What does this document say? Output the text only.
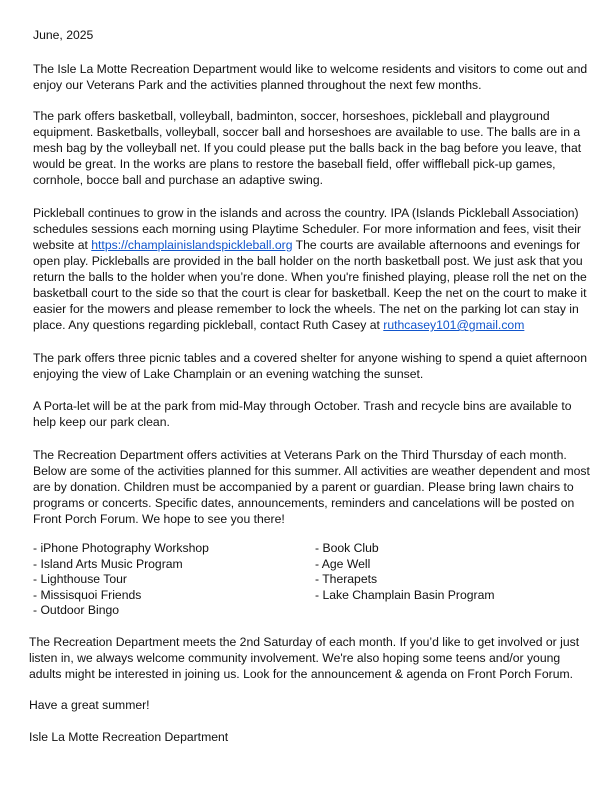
June, 2025
The Isle La Motte Recreation Department would like to welcome residents and visitors to come out and
enjoy our Veterans Park and the activities planned throughout the next few months.
The park offers basketball, volleyball, badminton, soccer, horseshoes, pickleball and playground
equipment. Basketballs, volleyball, soccer ball and horseshoes are available to use. The balls are in a
mesh bag by the volleyball net. If you could please put the balls back in the bag before you leave, that
would be great. In the works are plans to restore the baseball field, offer wiffleball pick-up games,
cornhole, bocce ball and purchase an adaptive swing.
Pickleball continues to grow in the islands and across the country. IPA (Islands Pickleball Association)
schedules sessions each morning using Playtime Scheduler. For more information and fees, visit their
website at https://champlainislandspickleball.org The courts are available afternoons and evenings for
open play. Pickleballs are provided in the ball holder on the north basketball post. We just ask that you
return the balls to the holder when you’re done. When you're finished playing, please roll the net on the
basketball court to the side so that the court is clear for basketball. Keep the net on the court to make it
easier for the mowers and please remember to lock the wheels. The net on the parking lot can stay in
place. Any questions regarding pickleball, contact Ruth Casey at ruthcasey101@gmail.com
The park offers three picnic tables and a covered shelter for anyone wishing to spend a quiet afternoon
enjoying the view of Lake Champlain or an evening watching the sunset.
A Porta-let will be at the park from mid-May through October. Trash and recycle bins are available to
help keep our park clean.
The Recreation Department offers activities at Veterans Park on the Third Thursday of each month.
Below are some of the activities planned for this summer. All activities are weather dependent and most
are by donation. Children must be accompanied by a parent or guardian. Please bring lawn chairs to
programs or concerts. Specific dates, announcements, reminders and cancelations will be posted on
Front Porch Forum. We hope to see you there!
- iPhone Photography Workshop
- Island Arts Music Program
- Lighthouse Tour
- Missisquoi Friends
- Outdoor Bingo
- Book Club
- Age Well
- Therapets
- Lake Champlain Basin Program
The Recreation Department meets the 2nd Saturday of each month. If you’d like to get involved or just
listen in, we always welcome community involvement. We're also hoping some teens and/or young
adults might be interested in joining us. Look for the announcement & agenda on Front Porch Forum.
Have a great summer!
Isle La Motte Recreation Department
